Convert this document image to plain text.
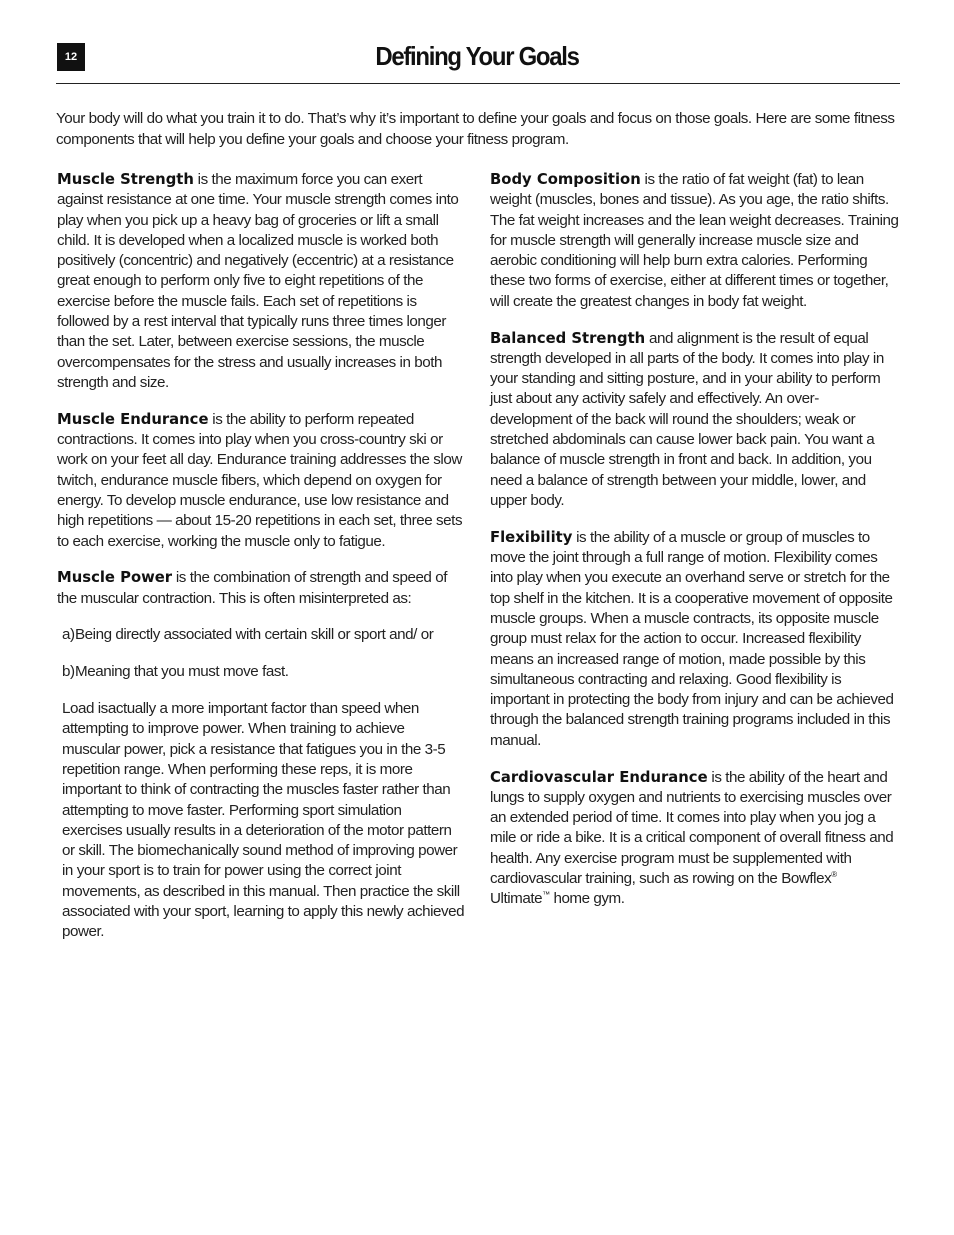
12	Defining Your Goals

Your body will do what you train it to do. That’s why it’s important to define your goals and focus on those goals. Here are some fitness components that will help you define your goals and choose your fitness program.

Muscle Strength is the maximum force you can exert against resistance at one time. Your muscle strength comes into play when you pick up a heavy bag of groceries or lift a small child. It is developed when a localized muscle is worked both positively (concentric) and negatively (eccentric) at a resistance great enough to perform only five to eight repetitions of the exercise before the muscle fails. Each set of repetitions is followed by a rest interval that typically runs three times longer than the set. Later, between exercise sessions, the muscle overcompensates for the stress and usually increases in both strength and size.

Muscle Endurance is the ability to perform repeated contractions. It comes into play when you cross-country ski or work on your feet all day. Endurance training addresses the slow twitch, endurance muscle fibers, which depend on oxygen for energy. To develop muscle endurance, use low resistance and high repetitions — about 15-20 repetitions in each set, three sets to each exercise, working the muscle only to fatigue.

Muscle Power is the combination of strength and speed of the muscular contraction. This is often misinterpreted as:

a) Being directly associated with certain skill or sport and/ or
b) Meaning that you must move fast.

Load isactually a more important factor than speed when attempting to improve power. When training to achieve muscular power, pick a resistance that fatigues you in the 3-5 repetition range. When performing these reps, it is more important to think of contracting the muscles faster rather than attempting to move faster. Performing sport simulation exercises usually results in a deterioration of the motor pattern or skill. The biomechanically sound method of improving power in your sport is to train for power using the correct joint movements, as described in this manual. Then practice the skill associated with your sport, learning to apply this newly achieved power.

Body Composition is the ratio of fat weight (fat) to lean weight (muscles, bones and tissue). As you age, the ratio shifts. The fat weight increases and the lean weight decreases. Training for muscle strength will generally increase muscle size and aerobic conditioning will help burn extra calories. Performing these two forms of exercise, either at different times or together, will create the greatest changes in body fat weight.

Balanced Strength and alignment is the result of equal strength developed in all parts of the body. It comes into play in your standing and sitting posture, and in your ability to perform just about any activity safely and effectively. An over-development of the back will round the shoulders; weak or stretched abdominals can cause lower back pain. You want a balance of muscle strength in front and back. In addition, you need a balance of strength between your middle, lower, and upper body.

Flexibility is the ability of a muscle or group of muscles to move the joint through a full range of motion. Flexibility comes into play when you execute an overhand serve or stretch for the top shelf in the kitchen. It is a cooperative movement of opposite muscle groups. When a muscle contracts, its opposite muscle group must relax for the action to occur. Increased flexibility means an increased range of motion, made possible by this simultaneous contracting and relaxing. Good flexibility is important in protecting the body from injury and can be achieved through the balanced strength training programs included in this manual.

Cardiovascular Endurance is the ability of the heart and lungs to supply oxygen and nutrients to exercising muscles over an extended period of time. It comes into play when you jog a mile or ride a bike. It is a critical component of overall fitness and health. Any exercise program must be supplemented with cardiovascular training, such as rowing on the Bowflex® Ultimate™ home gym.
